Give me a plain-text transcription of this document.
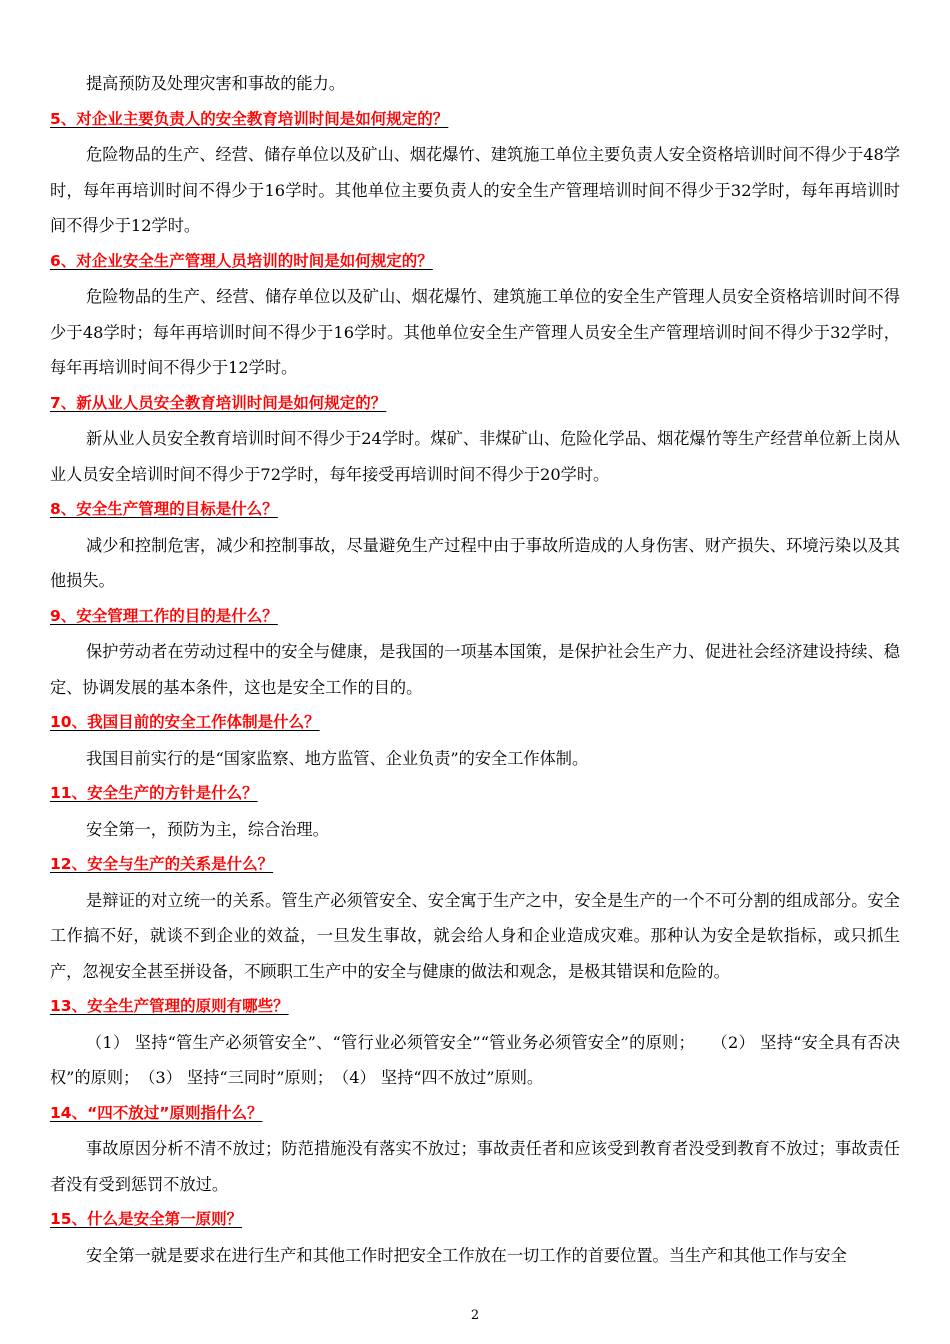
提高预防及处理灾害和事故的能力。

5、对企业主要负责人的安全教育培训时间是如何规定的？

危险物品的生产、经营、储存单位以及矿山、烟花爆竹、建筑施工单位主要负责人安全资格培训时间不得少于48学时，每年再培训时间不得少于16学时。其他单位主要负责人的安全生产管理培训时间不得少于32学时，每年再培训时间不得少于12学时。

6、对企业安全生产管理人员培训的时间是如何规定的？

危险物品的生产、经营、储存单位以及矿山、烟花爆竹、建筑施工单位的安全生产管理人员安全资格培训时间不得少于48学时；每年再培训时间不得少于16学时。其他单位安全生产管理人员安全生产管理培训时间不得少于32学时，每年再培训时间不得少于12学时。

7、新从业人员安全教育培训时间是如何规定的？

新从业人员安全教育培训时间不得少于24学时。煤矿、非煤矿山、危险化学品、烟花爆竹等生产经营单位新上岗从业人员安全培训时间不得少于72学时，每年接受再培训时间不得少于20学时。

8、安全生产管理的目标是什么？

减少和控制危害，减少和控制事故，尽量避免生产过程中由于事故所造成的人身伤害、财产损失、环境污染以及其他损失。

9、安全管理工作的目的是什么？

保护劳动者在劳动过程中的安全与健康，是我国的一项基本国策，是保护社会生产力、促进社会经济建设持续、稳定、协调发展的基本条件，这也是安全工作的目的。

10、我国目前的安全工作体制是什么？

我国目前实行的是“国家监察、地方监管、企业负责”的安全工作体制。

11、安全生产的方针是什么？

安全第一，预防为主，综合治理。

12、安全与生产的关系是什么？

是辩证的对立统一的关系。管生产必须管安全、安全寓于生产之中，安全是生产的一个不可分割的组成部分。安全工作搞不好，就谈不到企业的效益，一旦发生事故，就会给人身和企业造成灾难。那种认为安全是软指标，或只抓生产，忽视安全甚至拼设备，不顾职工生产中的安全与健康的做法和观念，是极其错误和危险的。

13、安全生产管理的原则有哪些？

（1） 坚持“管生产必须管安全”、“管行业必须管安全”“管业务必须管安全”的原则；　　（2） 坚持“安全具有否决权”的原则；　（3） 坚持“三同时”原则；　（4） 坚持“四不放过”原则。

14、“四不放过”原则指什么？

事故原因分析不清不放过；防范措施没有落实不放过；事故责任者和应该受到教育者没受到教育不放过；事故责任者没有受到惩罚不放过。

15、什么是安全第一原则？

安全第一就是要求在进行生产和其他工作时把安全工作放在一切工作的首要位置。当生产和其他工作与安全

2
